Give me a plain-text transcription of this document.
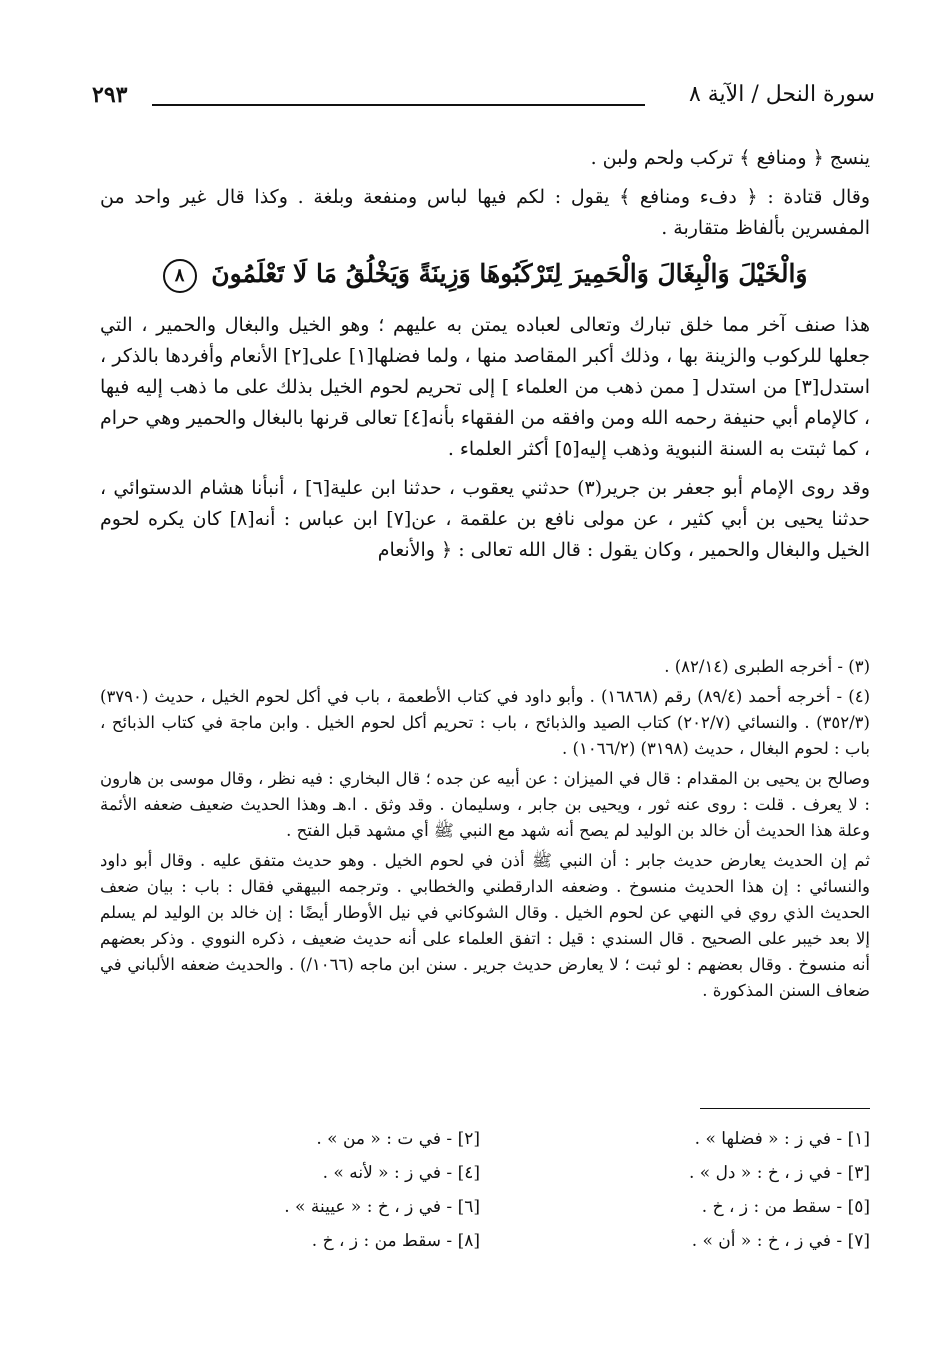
سورة النحل / الآية ٨
٢٩٣

ينسج ﴿ ومنافع ﴾ تركب ولحم ولبن .

وقال قتادة : ﴿ دفء ومنافع ﴾ يقول : لكم فيها لباس ومنفعة وبلغة . وكذا قال غير واحد من المفسرين بألفاظ متقاربة .

وَالْخَيْلَ وَالْبِغَالَ وَالْحَمِيرَ لِتَرْكَبُوهَا وَزِينَةً وَيَخْلُقُ مَا لَا تَعْلَمُونَ ٨

هذا صنف آخر مما خلق تبارك وتعالى لعباده يمتن به عليهم ؛ وهو الخيل والبغال والحمير ، التي جعلها للركوب والزينة بها ، وذلك أكبر المقاصد منها ، ولما فضلها[١] على[٢] الأنعام وأفردها بالذكر ، استدل[٣] من استدل [ ممن ذهب من العلماء ] إلى تحريم لحوم الخيل بذلك على ما ذهب إليه فيها ، كالإمام أبي حنيفة رحمه الله ومن وافقه من الفقهاء بأنه[٤] تعالى قرنها بالبغال والحمير وهي حرام ، كما ثبتت به السنة النبوية وذهب إليه[٥] أكثر العلماء .

وقد روى الإمام أبو جعفر بن جرير(٣) حدثني يعقوب ، حدثنا ابن علية[٦] ، أنبأنا هشام الدستوائي ، حدثنا يحيى بن أبي كثير ، عن مولى نافع بن علقمة ، عن[٧] ابن عباس : أنه[٨] كان يكره لحوم الخيل والبغال والحمير ، وكان يقول : قال الله تعالى : ﴿ والأنعام

(٣) - أخرجه الطبرى (٨٢/١٤) .

(٤) - أخرجه أحمد (٨٩/٤) رقم (١٦٨٦٨) . وأبو داود في كتاب الأطعمة ، باب في أكل لحوم الخيل ، حديث (٣٧٩٠) (٣٥٢/٣) . والنسائي (٢٠٢/٧) كتاب الصيد والذبائح ، باب : تحريم أكل لحوم الخيل . وابن ماجة في كتاب الذبائح ، باب : لحوم البغال ، حديث (٣١٩٨) (١٠٦٦/٢) .

وصالح بن يحيى بن المقدام : قال في الميزان : عن أبيه عن جده ؛ قال البخاري : فيه نظر ، وقال موسى بن هارون : لا يعرف . قلت : روى عنه ثور ، ويحيى بن جابر ، وسليمان . وقد وثق . ا.هـ وهذا الحديث ضعيف ضعفه الأئمة وعلة هذا الحديث أن خالد بن الوليد لم يصح أنه شهد مع النبي ﷺ أي مشهد قبل الفتح .

ثم إن الحديث يعارض حديث جابر : أن النبي ﷺ أذن في لحوم الخيل . وهو حديث متفق عليه . وقال أبو داود والنسائي : إن هذا الحديث منسوخ . وضعفه الدارقطني والخطابي . وترجمه البيهقي فقال : باب : بيان ضعف الحديث الذي روي في النهي عن لحوم الخيل . وقال الشوكاني في نيل الأوطار أيضًا : إن خالد بن الوليد لم يسلم إلا بعد خيبر على الصحيح . قال السندي : قيل : اتفق العلماء على أنه حديث ضعيف ، ذكره النووي . وذكر بعضهم أنه منسوخ . وقال بعضهم : لو ثبت ؛ لا يعارض حديث جرير . سنن ابن ماجه (١٠٦٦/) . والحديث ضعفه الألباني في ضعاف السنن المذكورة .

[١] - في ز : « فضلها » .
[٢] - في ت : « من » .
[٣] - في ز ، خ : « دل » .
[٤] - في ز : « لأنه » .
[٥] - سقط من : ز ، خ .
[٦] - في ز ، خ : « عيينة » .
[٧] - في ز ، خ : « أن » .
[٨] - سقط من : ز ، خ .
